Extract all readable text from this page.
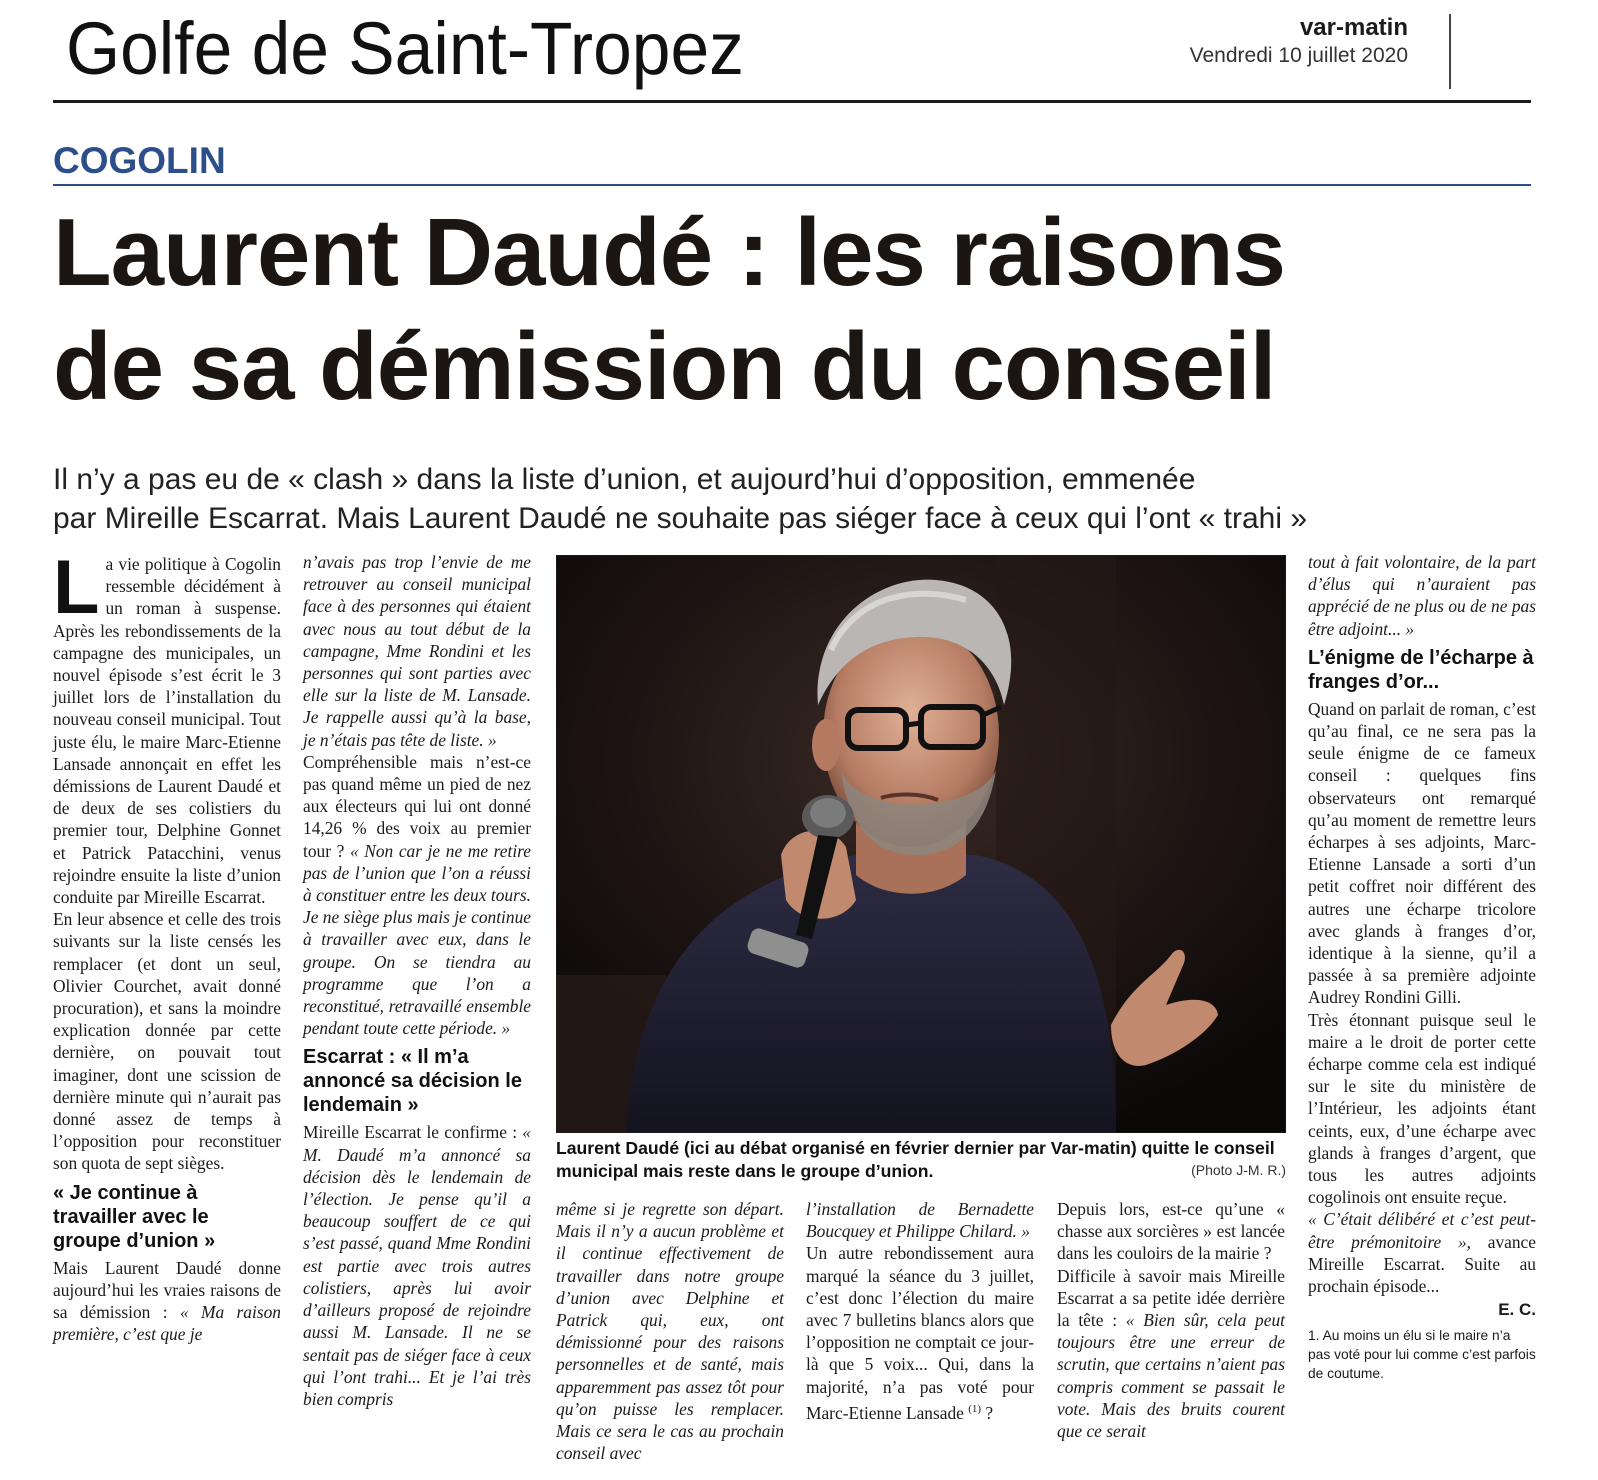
Golfe de Saint-Tropez	var-matin
Vendredi 10 juillet 2020
COGOLIN
Laurent Daudé : les raisons
de sa démission du conseil
Il n’y a pas eu de « clash » dans la liste d’union, et aujourd’hui d’opposition, emmenée
par Mireille Escarrat. Mais Laurent Daudé ne souhaite pas siéger face à ceux qui l’ont « trahi »
L a vie politique à Cogolin ressemble décidément à un roman à suspense. Après les rebondissements de la campagne des municipales, un nouvel épisode s’est écrit le 3 juillet lors de l’installation du nouveau conseil municipal. Tout juste élu, le maire Marc-Etienne Lansade annonçait en effet les démissions de Laurent Daudé et de deux de ses colistiers du premier tour, Delphine Gonnet et Patrick Patacchini, venus rejoindre ensuite la liste d’union conduite par Mireille Escarrat.

En leur absence et celle des trois suivants sur la liste censés les remplacer (et dont un seul, Olivier Courchet, avait donné procuration), et sans la moindre explication donnée par cette dernière, on pouvait tout imaginer, dont une scission de dernière minute qui n’aurait pas donné assez de temps à l’opposition pour reconstituer son quota de sept sièges.

« Je continue à travailler avec le groupe d’union »

Mais Laurent Daudé donne aujourd’hui les vraies raisons de sa démission : « Ma raison première, c’est que je

n’avais pas trop l’envie de me retrouver au conseil municipal face à des personnes qui étaient avec nous au tout début de la campagne, Mme Rondini et les personnes qui sont parties avec elle sur la liste de M. Lansade. Je rappelle aussi qu’à la base, je n’étais pas tête de liste. »

Compréhensible mais n’est-ce pas quand même un pied de nez aux électeurs qui lui ont donné 14,26 % des voix au premier tour ? « Non car je ne me retire pas de l’union que l’on a réussi à constituer entre les deux tours. Je ne siège plus mais je continue à travailler avec eux, dans le groupe. On se tiendra au programme que l’on a reconstitué, retravaillé ensemble pendant toute cette période. »

Escarrat : « Il m’a annoncé sa décision le lendemain »

Mireille Escarrat le confirme : « M. Daudé m’a annoncé sa décision dès le lendemain de l’élection. Je pense qu’il a beaucoup souffert de ce qui s’est passé, quand Mme Rondini est partie avec trois autres colistiers, après lui avoir d’ailleurs proposé de rejoindre aussi M. Lansade. Il ne se sentait pas de siéger face à ceux qui l’ont trahi... Et je l’ai très bien compris

Laurent Daudé (ici au débat organisé en février dernier par Var-matin) quitte le conseil municipal mais reste dans le groupe d’union.	(Photo J-M. R.)

même si je regrette son départ. Mais il n’y a aucun problème et il continue effectivement de travailler dans notre groupe d’union avec Delphine et Patrick qui, eux, ont démissionné pour des raisons personnelles et de santé, mais apparemment pas assez tôt pour qu’on puisse les remplacer. Mais ce sera le cas au prochain conseil avec

l’installation de Bernadette Boucquey et Philippe Chilard. »

Un autre rebondissement aura marqué la séance du 3 juillet, c’est donc l’élection du maire avec 7 bulletins blancs alors que l’opposition ne comptait ce jour-là que 5 voix... Qui, dans la majorité, n’a pas voté pour Marc-Etienne Lansade $^{(1)}$ ?

Depuis lors, est-ce qu’une « chasse aux sorcières » est lancée dans les couloirs de la mairie ?

Difficile à savoir mais Mireille Escarrat a sa petite idée derrière la tête : « Bien sûr, cela peut toujours être une erreur de scrutin, que certains n’aient pas compris comment se passait le vote. Mais des bruits courent que ce serait

tout à fait volontaire, de la part d’élus qui n’auraient pas apprécié de ne plus ou de ne pas être adjoint... »

L’énigme de l’écharpe à franges d’or...

Quand on parlait de roman, c’est qu’au final, ce ne sera pas la seule énigme de ce fameux conseil : quelques fins observateurs ont remarqué qu’au moment de remettre leurs écharpes à ses adjoints, Marc-Etienne Lansade a sorti d’un petit coffret noir différent des autres une écharpe tricolore avec glands à franges d’or, identique à la sienne, qu’il a passée à sa première adjointe Audrey Rondini Gilli.

Très étonnant puisque seul le maire a le droit de porter cette écharpe comme cela est indiqué sur le site du ministère de l’Intérieur, les adjoints étant ceints, eux, d’une écharpe avec glands à franges d’argent, que tous les autres adjoints cogolinois ont ensuite reçue.

« C’était délibéré et c’est peut-être prémonitoire », avance Mireille Escarrat. Suite au prochain épisode...

E. C.
1. Au moins un élu si le maire n’a pas voté pour lui comme c’est parfois de coutume.
